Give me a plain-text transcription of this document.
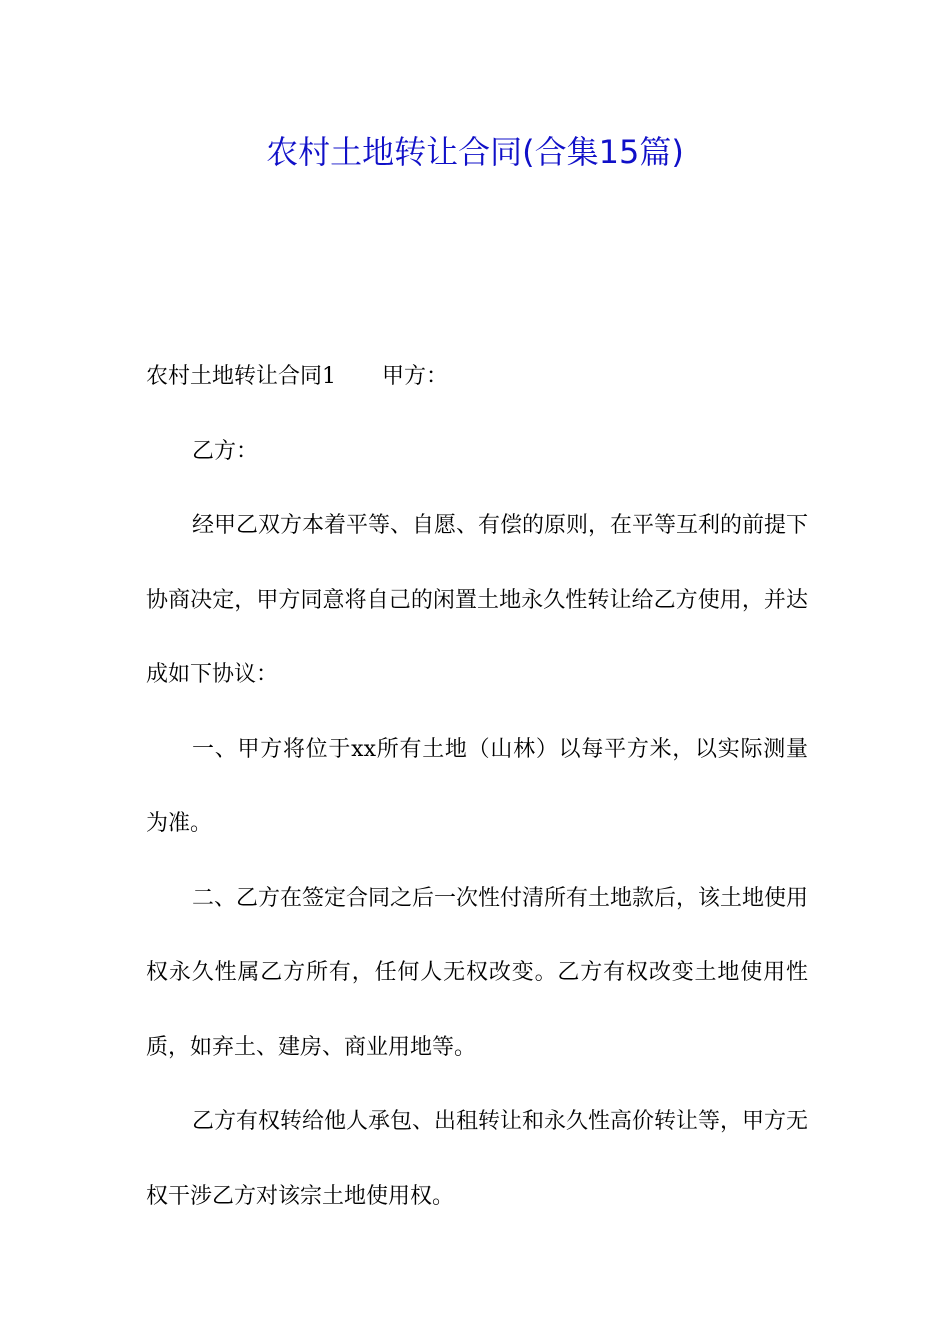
农村土地转让合同(合集15篇)

农村土地转让合同1 甲方：

乙方：

经甲乙双方本着平等、自愿、有偿的原则，在平等互利的前提下协商决定，甲方同意将自己的闲置土地永久性转让给乙方使用，并达成如下协议：

一、甲方将位于xx所有土地（山林）以每平方米，以实际测量为准。

二、乙方在签定合同之后一次性付清所有土地款后，该土地使用权永久性属乙方所有，任何人无权改变。乙方有权改变土地使用性质，如弃土、建房、商业用地等。

乙方有权转给他人承包、出租转让和永久性高价转让等，甲方无权干涉乙方对该宗土地使用权。
